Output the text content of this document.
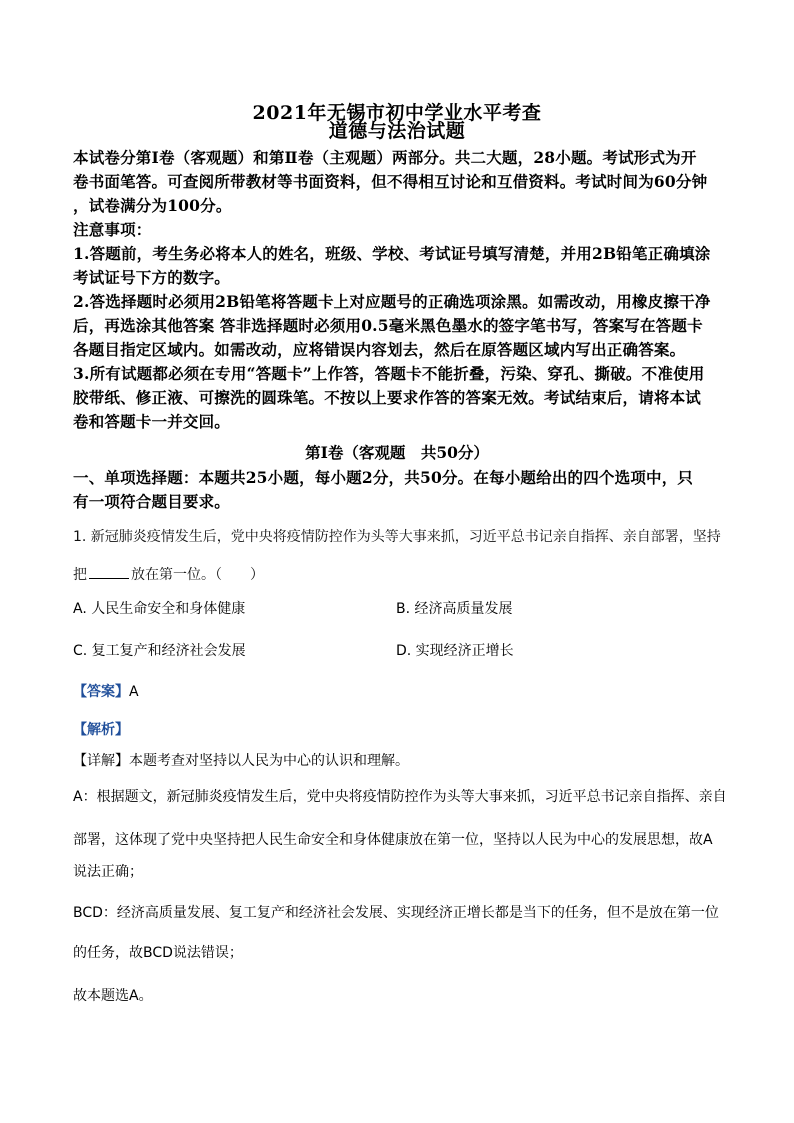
2021年无锡市初中学业水平考查
道德与法治试题
本试卷分第Ⅰ卷（客观题）和第Ⅱ卷（主观题）两部分。共二大题，28小题。考试形式为开
卷书面笔答。可查阅所带教材等书面资料，但不得相互讨论和互借资料。考试时间为60分钟
，试卷满分为100分。
注意事项：
1.答题前，考生务必将本人的姓名，班级、学校、考试证号填写清楚，并用2B铅笔正确填涂
考试证号下方的数字。
2.答选择题时必须用2B铅笔将答题卡上对应题号的正确选项涂黑。如需改动，用橡皮擦干净
后，再选涂其他答案 答非选择题时必须用0.5毫米黑色墨水的签字笔书写，答案写在答题卡
各题目指定区域内。如需改动，应将错误内容划去，然后在原答题区域内写出正确答案。
3.所有试题都必须在专用“答题卡”上作答，答题卡不能折叠，污染、穿孔、撕破。不准使用
胶带纸、修正液、可擦洗的圆珠笔。不按以上要求作答的答案无效。考试结束后，请将本试
卷和答题卡一并交回。
第Ⅰ卷（客观题　共50分）
一、单项选择题：本题共25小题，每小题2分，共50分。在每小题给出的四个选项中，只
有一项符合题目要求。
1. 新冠肺炎疫情发生后，党中央将疫情防控作为头等大事来抓，习近平总书记亲自指挥、亲自部署，坚持
把	放在第一位。（　　）
A. 人民生命安全和身体健康	B. 经济高质量发展
C. 复工复产和经济社会发展	D. 实现经济正增长
【答案】A
【解析】
【详解】本题考查对坚持以人民为中心的认识和理解。
A：根据题文，新冠肺炎疫情发生后，党中央将疫情防控作为头等大事来抓，习近平总书记亲自指挥、亲自
部署，这体现了党中央坚持把人民生命安全和身体健康放在第一位，坚持以人民为中心的发展思想，故A
说法正确；
BCD：经济高质量发展、复工复产和经济社会发展、实现经济正增长都是当下的任务，但不是放在第一位
的任务，故BCD说法错误；
故本题选A。
